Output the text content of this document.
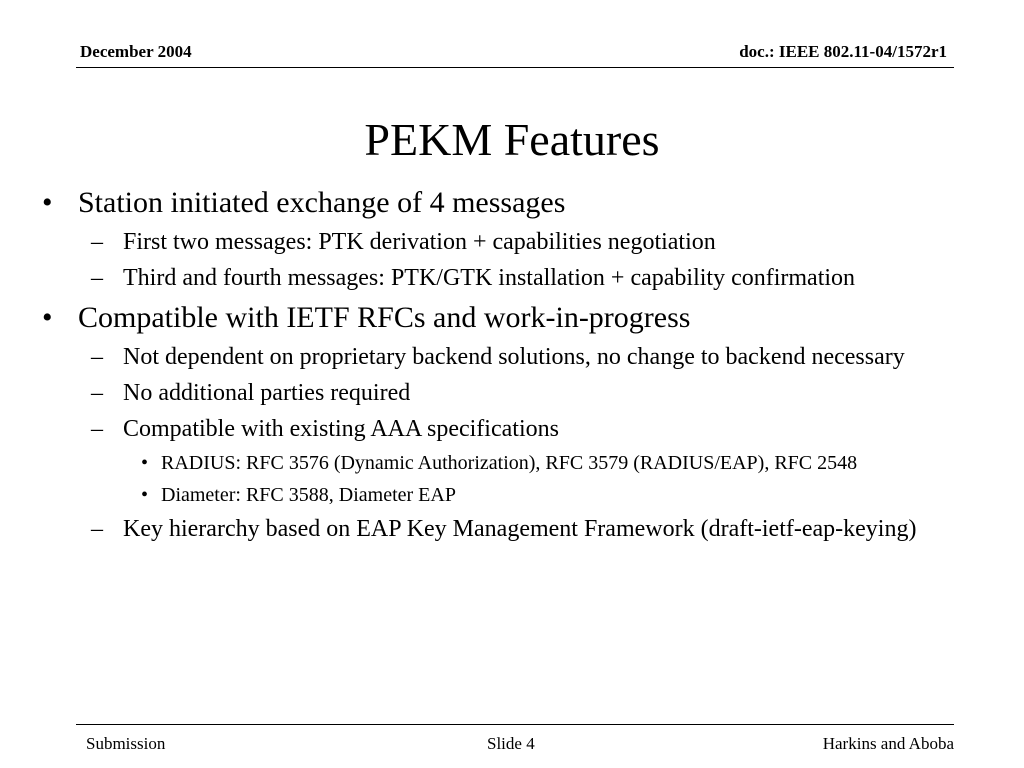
December 2004	doc.: IEEE 802.11-04/1572r1
PEKM Features
• Station initiated exchange of 4 messages
– First two messages: PTK derivation + capabilities negotiation
– Third and fourth messages: PTK/GTK installation + capability confirmation
• Compatible with IETF RFCs and work-in-progress
– Not dependent on proprietary backend solutions, no change to backend necessary
– No additional parties required
– Compatible with existing AAA specifications
• RADIUS: RFC 3576 (Dynamic Authorization), RFC 3579 (RADIUS/EAP), RFC 2548
• Diameter: RFC 3588, Diameter EAP
– Key hierarchy based on EAP Key Management Framework (draft-ietf-eap-keying)
Submission	Slide 4	Harkins and Aboba
